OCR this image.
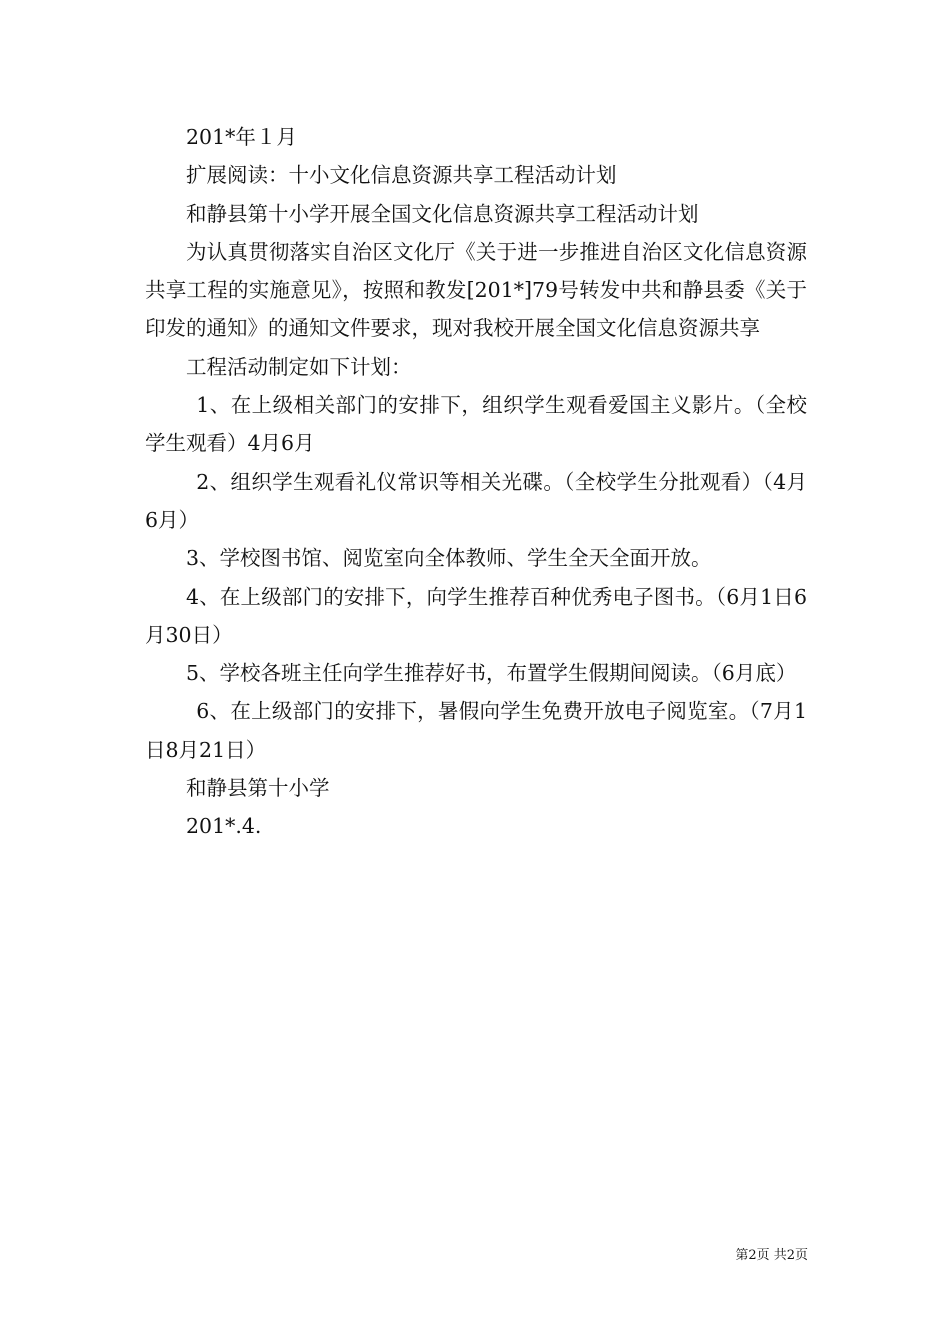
201*年１月

扩展阅读：十小文化信息资源共享工程活动计划

和静县第十小学开展全国文化信息资源共享工程活动计划

为认真贯彻落实自治区文化厅《关于进一步推进自治区文化信息资源共享工程的实施意见》，按照和教发[201*]79号转发中共和静县委《关于印发的通知》的通知文件要求，现对我校开展全国文化信息资源共享

工程活动制定如下计划：

1、在上级相关部门的安排下，组织学生观看爱国主义影片。（全校学生观看）4月6月

2、组织学生观看礼仪常识等相关光碟。（全校学生分批观看）（4月6月）

3、学校图书馆、阅览室向全体教师、学生全天全面开放。

4、在上级部门的安排下，向学生推荐百种优秀电子图书。（6月1日6月30日）

5、学校各班主任向学生推荐好书，布置学生假期间阅读。（6月底）

6、在上级部门的安排下，暑假向学生免费开放电子阅览室。（7月1日8月21日）

和静县第十小学

201*.4.

第2页 共2页
